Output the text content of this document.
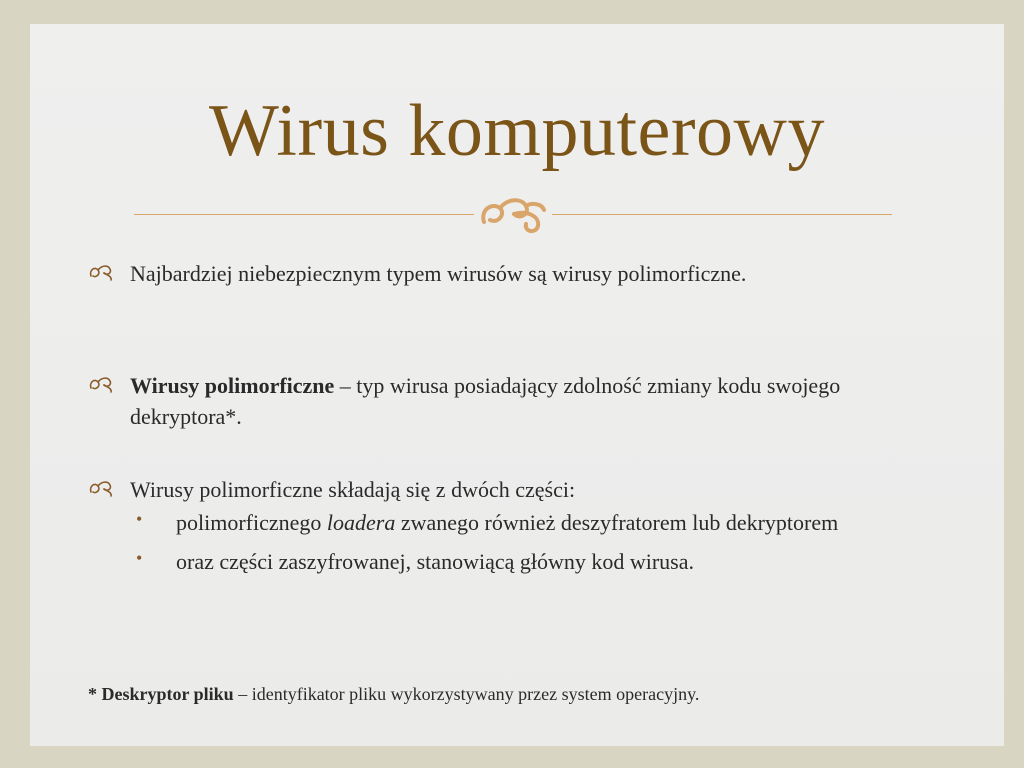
Wirus komputerowy
Najbardziej niebezpiecznym typem wirusów są wirusy polimorficzne.
Wirusy polimorficzne – typ wirusa posiadający zdolność zmiany kodu swojego dekryptora*.
Wirusy polimorficzne składają się z dwóch części:
• polimorficznego loadera zwanego również deszyfratorem lub dekryptorem
• oraz części zaszyfrowanej, stanowiącą główny kod wirusa.
* Deskryptor pliku – identyfikator pliku wykorzystywany przez system operacyjny.
